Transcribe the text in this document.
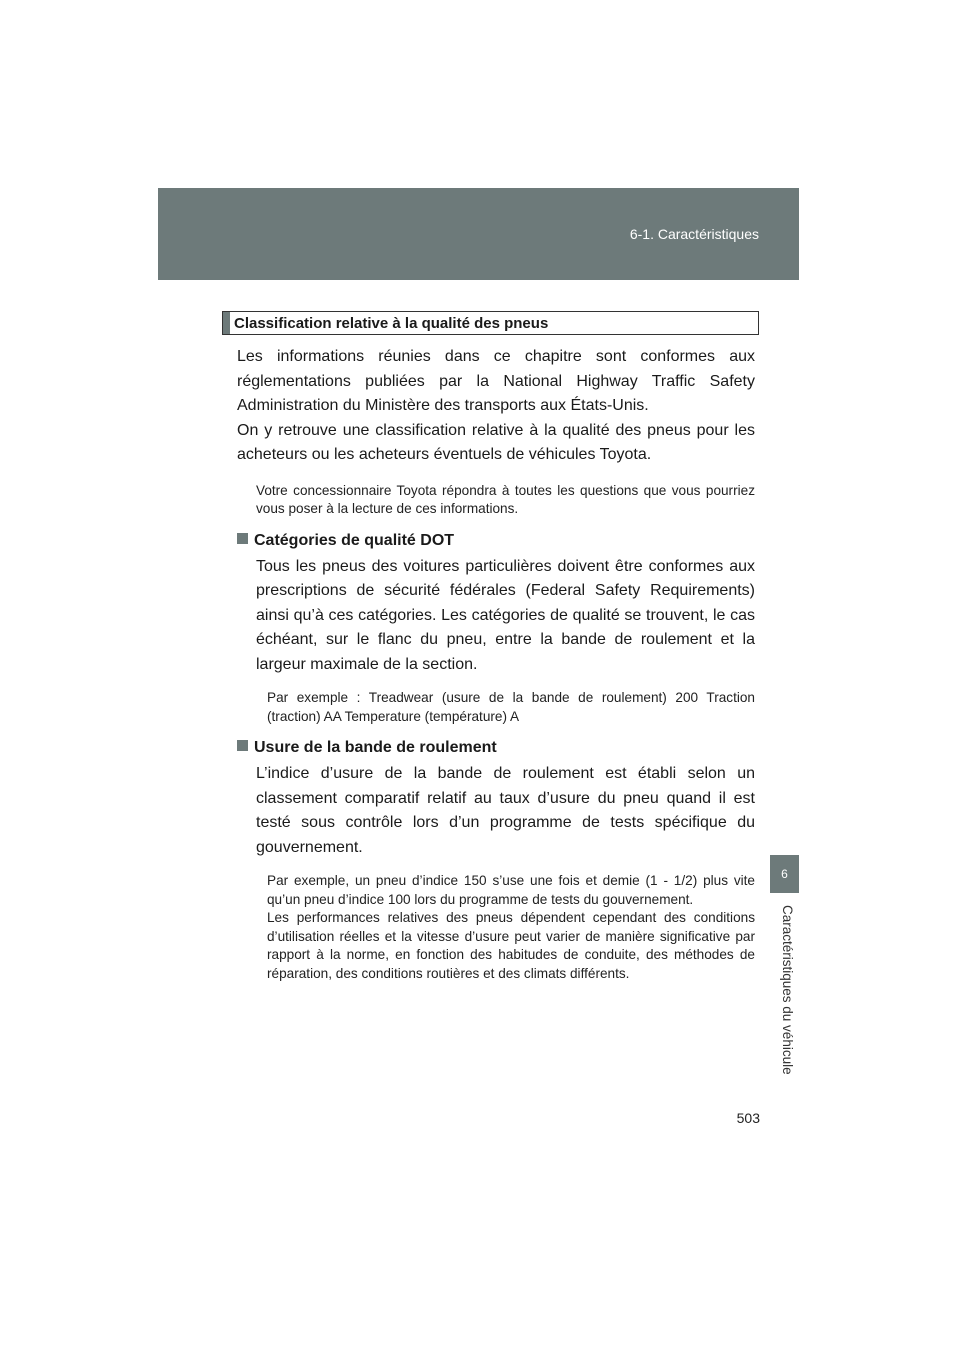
6-1. Caractéristiques
6
Caractéristiques du véhicule
503
Classification relative à la qualité des pneus

Les informations réunies dans ce chapitre sont conformes aux réglementations publiées par la National Highway Traffic Safety Administration du Ministère des transports aux États-Unis.

On y retrouve une classification relative à la qualité des pneus pour les acheteurs ou les acheteurs éventuels de véhicules Toyota.

Votre concessionnaire Toyota répondra à toutes les questions que vous pourriez vous poser à la lecture de ces informations.

Catégories de qualité DOT

Tous les pneus des voitures particulières doivent être conformes aux prescriptions de sécurité fédérales (Federal Safety Requirements) ainsi qu’à ces catégories. Les catégories de qualité se trouvent, le cas échéant, sur le flanc du pneu, entre la bande de roulement et la largeur maximale de la section.

Par exemple : Treadwear (usure de la bande de roulement) 200 Traction (traction) AA Temperature (température) A

Usure de la bande de roulement

L’indice d’usure de la bande de roulement est établi selon un classement comparatif relatif au taux d’usure du pneu quand il est testé sous contrôle lors d’un programme de tests spécifique du gouvernement.

Par exemple, un pneu d’indice 150 s’use une fois et demie (1 - 1/2) plus vite qu’un pneu d’indice 100 lors du programme de tests du gouvernement.

Les performances relatives des pneus dépendent cependant des conditions d’utilisation réelles et la vitesse d’usure peut varier de manière significative par rapport à la norme, en fonction des habitudes de conduite, des méthodes de réparation, des conditions routières et des climats différents.
